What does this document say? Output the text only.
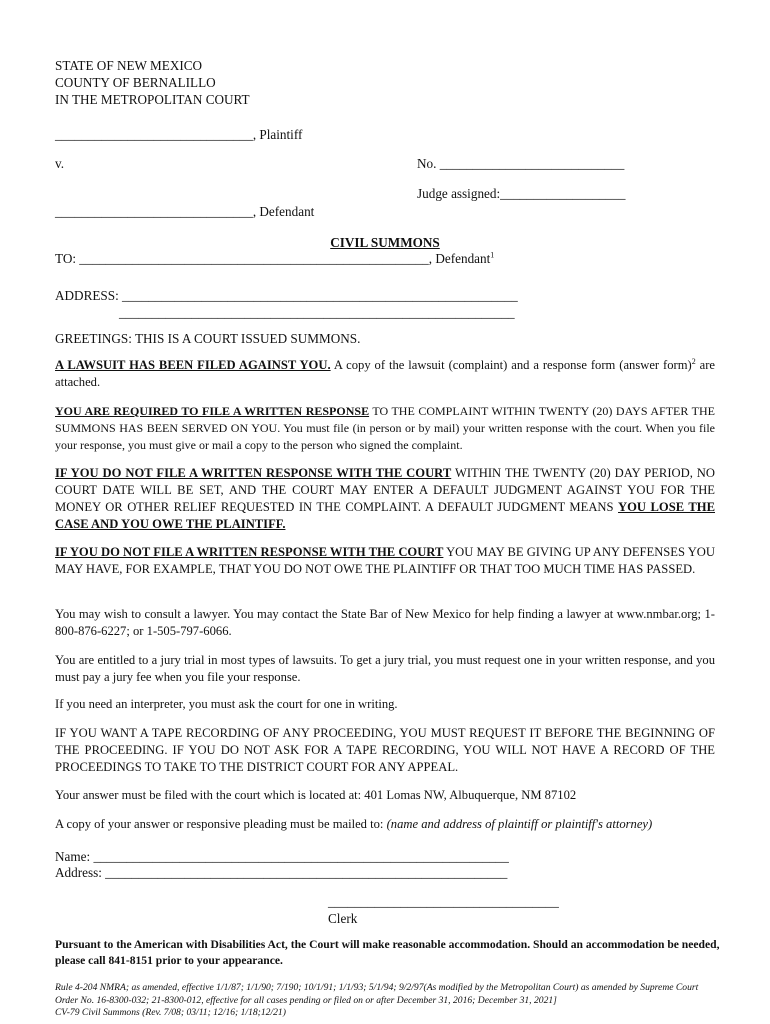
STATE OF NEW MEXICO
COUNTY OF BERNALILLO
IN THE METROPOLITAN COURT
______________________________, Plaintiff
v.	No. ____________________________
Judge assigned:___________________
______________________________, Defendant
CIVIL SUMMONS
TO: _____________________________________________________, Defendant$^1$
ADDRESS: ____________________________________________________________
____________________________________________________________
GREETINGS: THIS IS A COURT ISSUED SUMMONS.
A LAWSUIT HAS BEEN FILED AGAINST YOU. A copy of the lawsuit (complaint) and a response form (answer form)$^2$ are attached.
YOU ARE REQUIRED TO FILE A WRITTEN RESPONSE TO THE COMPLAINT WITHIN TWENTY (20) DAYS AFTER THE SUMMONS HAS BEEN SERVED ON YOU. You must file (in person or by mail) your written response with the court. When you file your response, you must give or mail a copy to the person who signed the complaint.
IF YOU DO NOT FILE A WRITTEN RESPONSE WITH THE COURT WITHIN THE TWENTY (20) DAY PERIOD, NO COURT DATE WILL BE SET, AND THE COURT MAY ENTER A DEFAULT JUDGMENT AGAINST YOU FOR THE MONEY OR OTHER RELIEF REQUESTED IN THE COMPLAINT. A DEFAULT JUDGMENT MEANS YOU LOSE THE CASE AND YOU OWE THE PLAINTIFF.
IF YOU DO NOT FILE A WRITTEN RESPONSE WITH THE COURT YOU MAY BE GIVING UP ANY DEFENSES YOU MAY HAVE, FOR EXAMPLE, THAT YOU DO NOT OWE THE PLAINTIFF OR THAT TOO MUCH TIME HAS PASSED.
You may wish to consult a lawyer. You may contact the State Bar of New Mexico for help finding a lawyer at www.nmbar.org; 1-800-876-6227; or 1-505-797-6066.
You are entitled to a jury trial in most types of lawsuits. To get a jury trial, you must request one in your written response, and you must pay a jury fee when you file your response.
If you need an interpreter, you must ask the court for one in writing.
IF YOU WANT A TAPE RECORDING OF ANY PROCEEDING, YOU MUST REQUEST IT BEFORE THE BEGINNING OF THE PROCEEDING. IF YOU DO NOT ASK FOR A TAPE RECORDING, YOU WILL NOT HAVE A RECORD OF THE PROCEEDINGS TO TAKE TO THE DISTRICT COURT FOR ANY APPEAL.
Your answer must be filed with the court which is located at: 401 Lomas NW, Albuquerque, NM 87102
A copy of your answer or responsive pleading must be mailed to: (name and address of plaintiff or plaintiff's attorney)
Name: _______________________________________________________________
Address: _____________________________________________________________
___________________________________
Clerk
Pursuant to the American with Disabilities Act, the Court will make reasonable accommodation. Should an accommodation be needed, please call 841-8151 prior to your appearance.
Rule 4-204 NMRA; as amended, effective 1/1/87; 1/1/90; 7/190; 10/1/91; 1/1/93; 5/1/94; 9/2/97(As modified by the Metropolitan Court) as amended by Supreme Court
Order No. 16-8300-032; 21-8300-012, effective for all cases pending or filed on or after December 31, 2016; December 31, 2021]
CV-79 Civil Summons (Rev. 7/08; 03/11; 12/16; 1/18;12/21)
